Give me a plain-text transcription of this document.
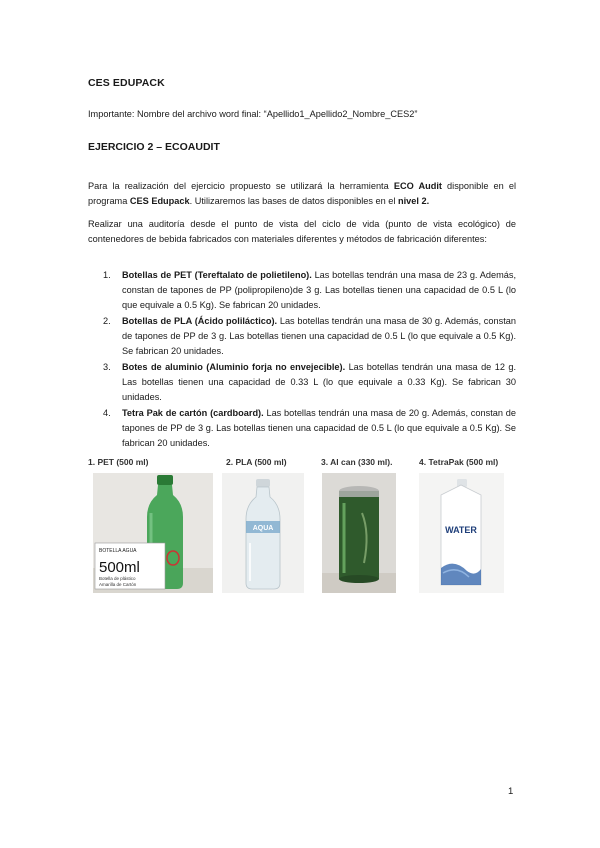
CES EDUPACK
Importante: Nombre del archivo word final: “Apellido1_Apellido2_Nombre_CES2”
EJERCICIO 2 – ECOAUDIT

Para la realización del ejercicio propuesto se utilizará la herramienta ECO Audit disponible en el programa CES Edupack. Utilizaremos las bases de datos disponibles en el nivel 2.

Realizar una auditoría desde el punto de vista del ciclo de vida (punto de vista ecológico) de contenedores de bebida fabricados con materiales diferentes y métodos de fabricación diferentes:

1. Botellas de PET (Tereftalato de polietileno). Las botellas tendrán una masa de 23 g. Además, constan de tapones de PP (polipropileno)de 3 g. Las botellas tienen una capacidad de 0.5 L (lo que equivale a 0.5 Kg). Se fabrican 20 unidades.
2. Botellas de PLA (Ácido poliláctico). Las botellas tendrán una masa de 30 g. Además, constan de tapones de PP de 3 g. Las botellas tienen una capacidad de 0.5 L (lo que equivale a 0.5 Kg). Se fabrican 20 unidades.
3. Botes de aluminio (Aluminio forja no envejecible). Las botellas tendrán una masa de 12 g. Las botellas tienen una capacidad de 0.33 L (lo que equivale a 0.33 Kg). Se fabrican 30 unidades.
4. Tetra Pak de cartón (cardboard). Las botellas tendrán una masa de 20 g. Además, constan de tapones de PP de 3 g. Las botellas tienen una capacidad de 0.5 L (lo que equivale a 0.5 Kg). Se fabrican 20 unidades.
1. PET (500 ml)
BOTELLA AGUA
500ml
Botella de plástico
Amarilla de Cartón
2. PLA (500 ml)
AQUA
3. Al can (330 ml).	4. TetraPak (500 ml)
WATER
1
